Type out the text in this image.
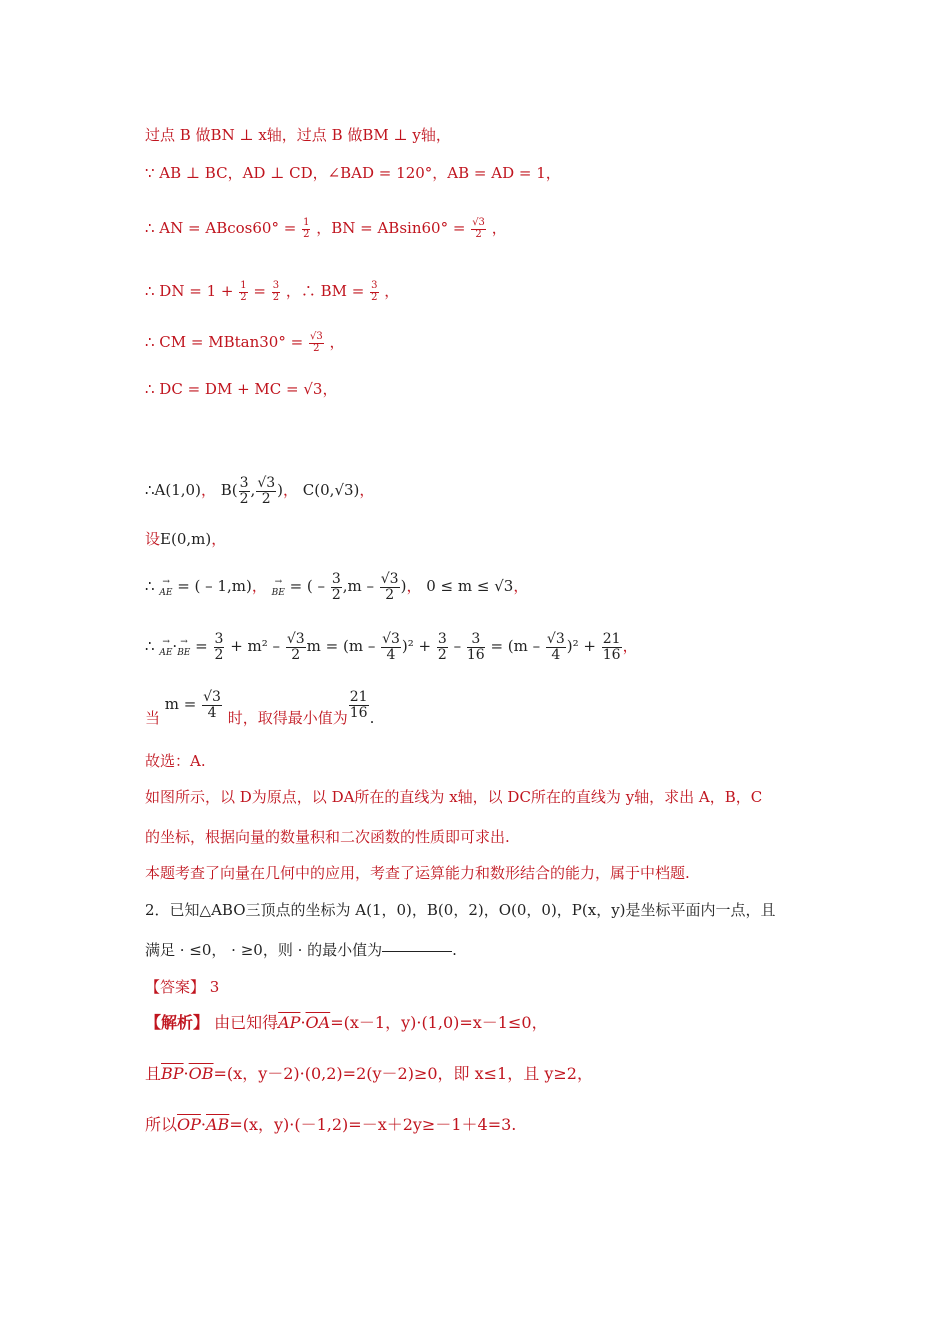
过点 B 做BN ⊥ x轴，过点 B 做BM ⊥ y轴，
∵ AB ⊥ BC，AD ⊥ CD，∠BAD = 120°，AB = AD = 1，
∴ AN = $ABcos60^\circ = \frac{1}{2}$ ，BN = $ABsin60^\circ = \frac{√3}{2}$ ，
∴ DN = $1 + \frac{1}{2} = \frac{3}{2}$ ，∴ BM = $\frac{3}{2}$ ，
∴ CM = $MBtan30^\circ = \frac{√3}{2}$ ，
∴ DC = DM + MC = √3，
∴A(1,0)， $B( \frac{3}{2}$ , $\frac{√3}{2}$ )， C(0,√3)，
设E(0,m)，
∴ → AE = ( – 1,m)， → BE = ( – $\frac{3}{2} ,m - \frac{√3}{2}$ )， 0 ≤ m ≤ √3，
∴ → AE·→ BE = $\frac{3}{2} + m^2 - \frac{√3}{2}$ $m = (m - \frac{√3}{4} )^2 + \frac{3}{2} - \frac{3}{16} = (m - \frac{√3}{4} )^2 + \frac{21}{16}$ ，
当 $m = \frac{√3}{4}$ 时，取得最小值为 $\frac{21}{16}$ .
故选：A.
如图所示，以 D为原点，以 DA所在的直线为 x轴，以 DC所在的直线为 y轴，求出 A，B，C
的坐标，根据向量的数量积和二次函数的性质即可求出.
本题考查了向量在几何中的应用，考查了运算能力和数形结合的能力，属于中档题.
2．已知△ABO三顶点的坐标为 A(1，0)，B(0，2)，O(0，0)，P(x，y)是坐标平面内一点，且
满足 · ≤0， · ≥0，则 · 的最小值为	.
【答案】 3
【解析】 由已知得$\overline{AP}\cdot\overline{OA}=(x-1$，y)·(1,0)=x－1≤0，
且$\overline{BP}\cdot\overline{OB}=(x$，y－2)·(0,2)=2(y－2)≥0，即 x≤1，且 y≥2，
所以$\overline{OP}\cdot\overline{AB}=(x$，y)·(－1,2)=－x＋2y≥－1＋4=3.
